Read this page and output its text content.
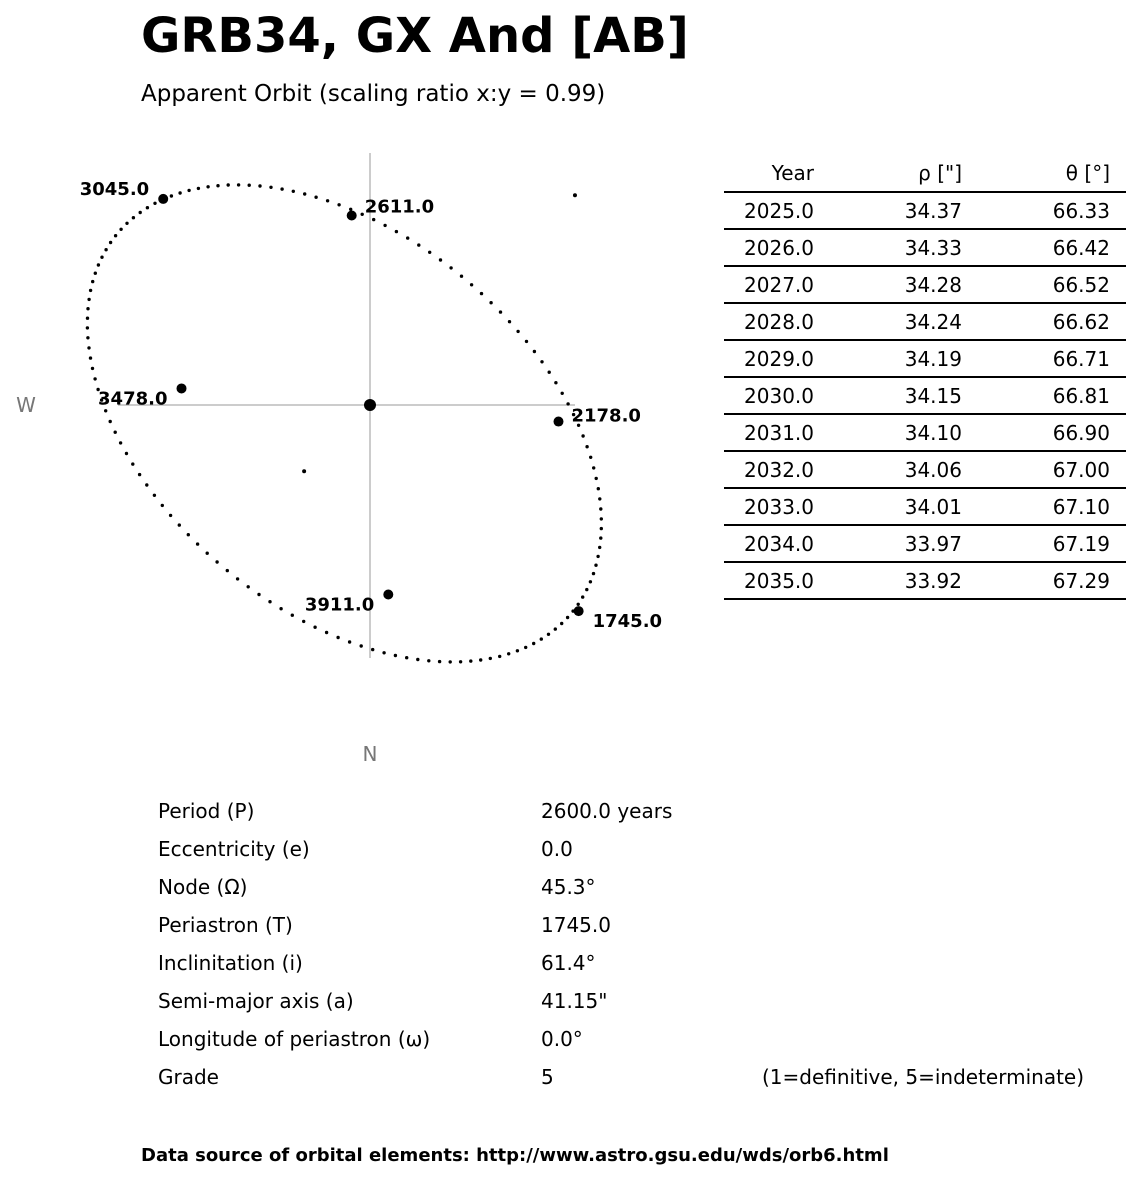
GRB34, GX And [AB]
Apparent Orbit (scaling ratio x:y = 0.99)
1745.0
2178.0
2611.0
3045.0
3478.0
3911.0
W
N
Year	ρ ["]	θ [°]
2025.0	34.37	66.33
2026.0	34.33	66.42
2027.0	34.28	66.52
2028.0	34.24	66.62
2029.0	34.19	66.71
2030.0	34.15	66.81
2031.0	34.10	66.90
2032.0	34.06	67.00
2033.0	34.01	67.10
2034.0	33.97	67.19
2035.0	33.92	67.29
Period (P)	2600.0 years
Eccentricity (e)	0.0
Node (Ω)	45.3°
Periastron (T)	1745.0
Inclinitation (i)	61.4°
Semi-major axis (a)	41.15"
Longitude of periastron (ω)	0.0°
Grade	5	(1=definitive, 5=indeterminate)
Data source of orbital elements: http://www.astro.gsu.edu/wds/orb6.html
